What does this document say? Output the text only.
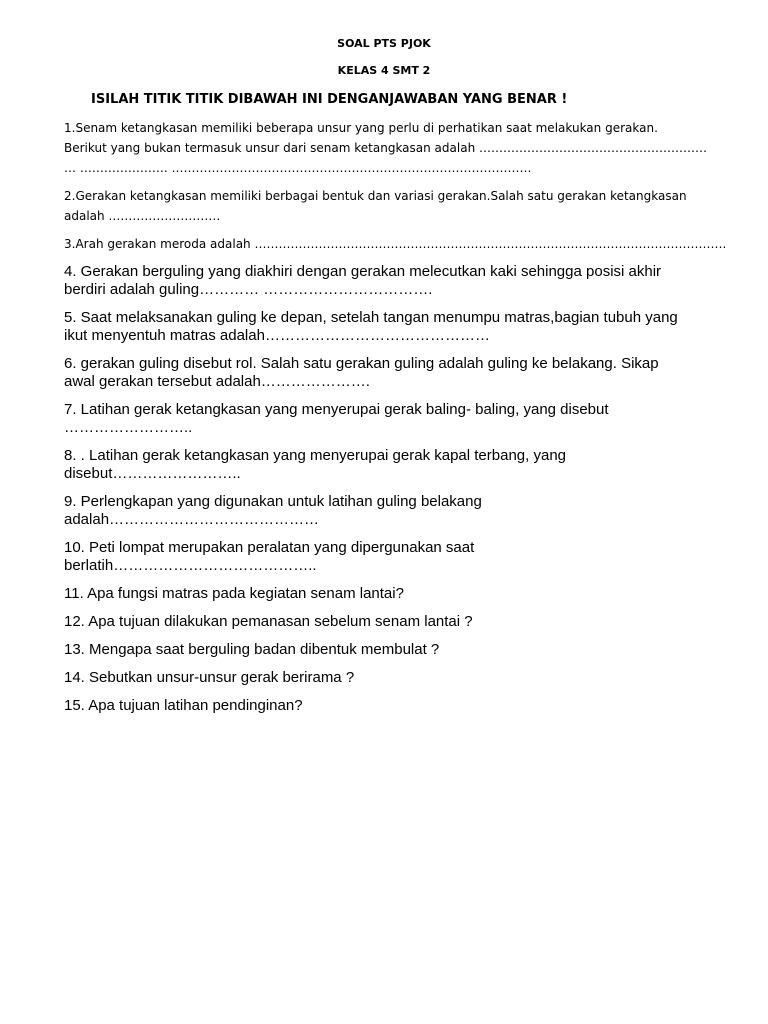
SOAL PTS PJOK
KELAS 4 SMT 2
ISILAH TITIK TITIK DIBAWAH INI DENGANJAWABAN YANG BENAR !
1.Senam ketangkasan memiliki beberapa unsur yang perlu di perhatikan saat melakukan gerakan.
Berikut yang bukan termasuk unsur dari senam ketangkasan adalah …………………………………………………
… …………………. ………………………………………………………………………………
2.Gerakan ketangkasan memiliki berbagai bentuk dan variasi gerakan.Salah satu gerakan ketangkasan
adalah ……………………….
3.Arah gerakan meroda adalah ……………………………………………………………………………………………………….
4. Gerakan berguling yang diakhiri dengan gerakan melecutkan kaki sehingga posisi akhir
berdiri adalah guling………… …………………………….
5. Saat melaksanakan guling ke depan, setelah tangan menumpu matras,bagian tubuh yang
ikut menyentuh matras adalah………………………………………
6. gerakan guling disebut rol. Salah satu gerakan guling adalah guling ke belakang. Sikap
awal gerakan tersebut adalah………………….
7. Latihan gerak ketangkasan yang menyerupai gerak baling- baling, yang disebut
……………………..
8. . Latihan gerak ketangkasan yang menyerupai gerak kapal terbang, yang
disebut……………………..
9. Perlengkapan yang digunakan untuk latihan guling belakang
adalah……………………………………
10. Peti lompat merupakan peralatan yang dipergunakan saat
berlatih…………………………………..
11. Apa fungsi matras pada kegiatan senam lantai?
12. Apa tujuan dilakukan pemanasan sebelum senam lantai ?
13. Mengapa saat berguling badan dibentuk membulat ?
14. Sebutkan unsur-unsur gerak berirama ?
15. Apa tujuan latihan pendinginan?
